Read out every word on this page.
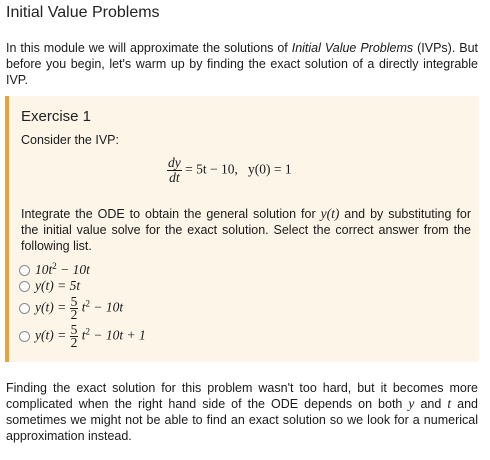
Initial Value Problems
In this module we will approximate the solutions of Initial Value Problems (IVPs). But before you begin, let's warm up by finding the exact solution of a directly integrable IVP.
Exercise 1
Consider the IVP:
$\frac{dy}{dt} = 5t - 10$, y(0) = 1
Integrate the ODE to obtain the general solution for y(t) and by substituting for the initial value solve for the exact solution. Select the correct answer from the following list.
$10t^2 - 10t$
y(t) = 5t
$y(t) = \frac{5}{2} t^2 - 10t$
$y(t) = \frac{5}{2} t^2 - 10t + 1$
Finding the exact solution for this problem wasn't too hard, but it becomes more complicated when the right hand side of the ODE depends on both y and t and sometimes we might not be able to find an exact solution so we look for a numerical approximation instead.
